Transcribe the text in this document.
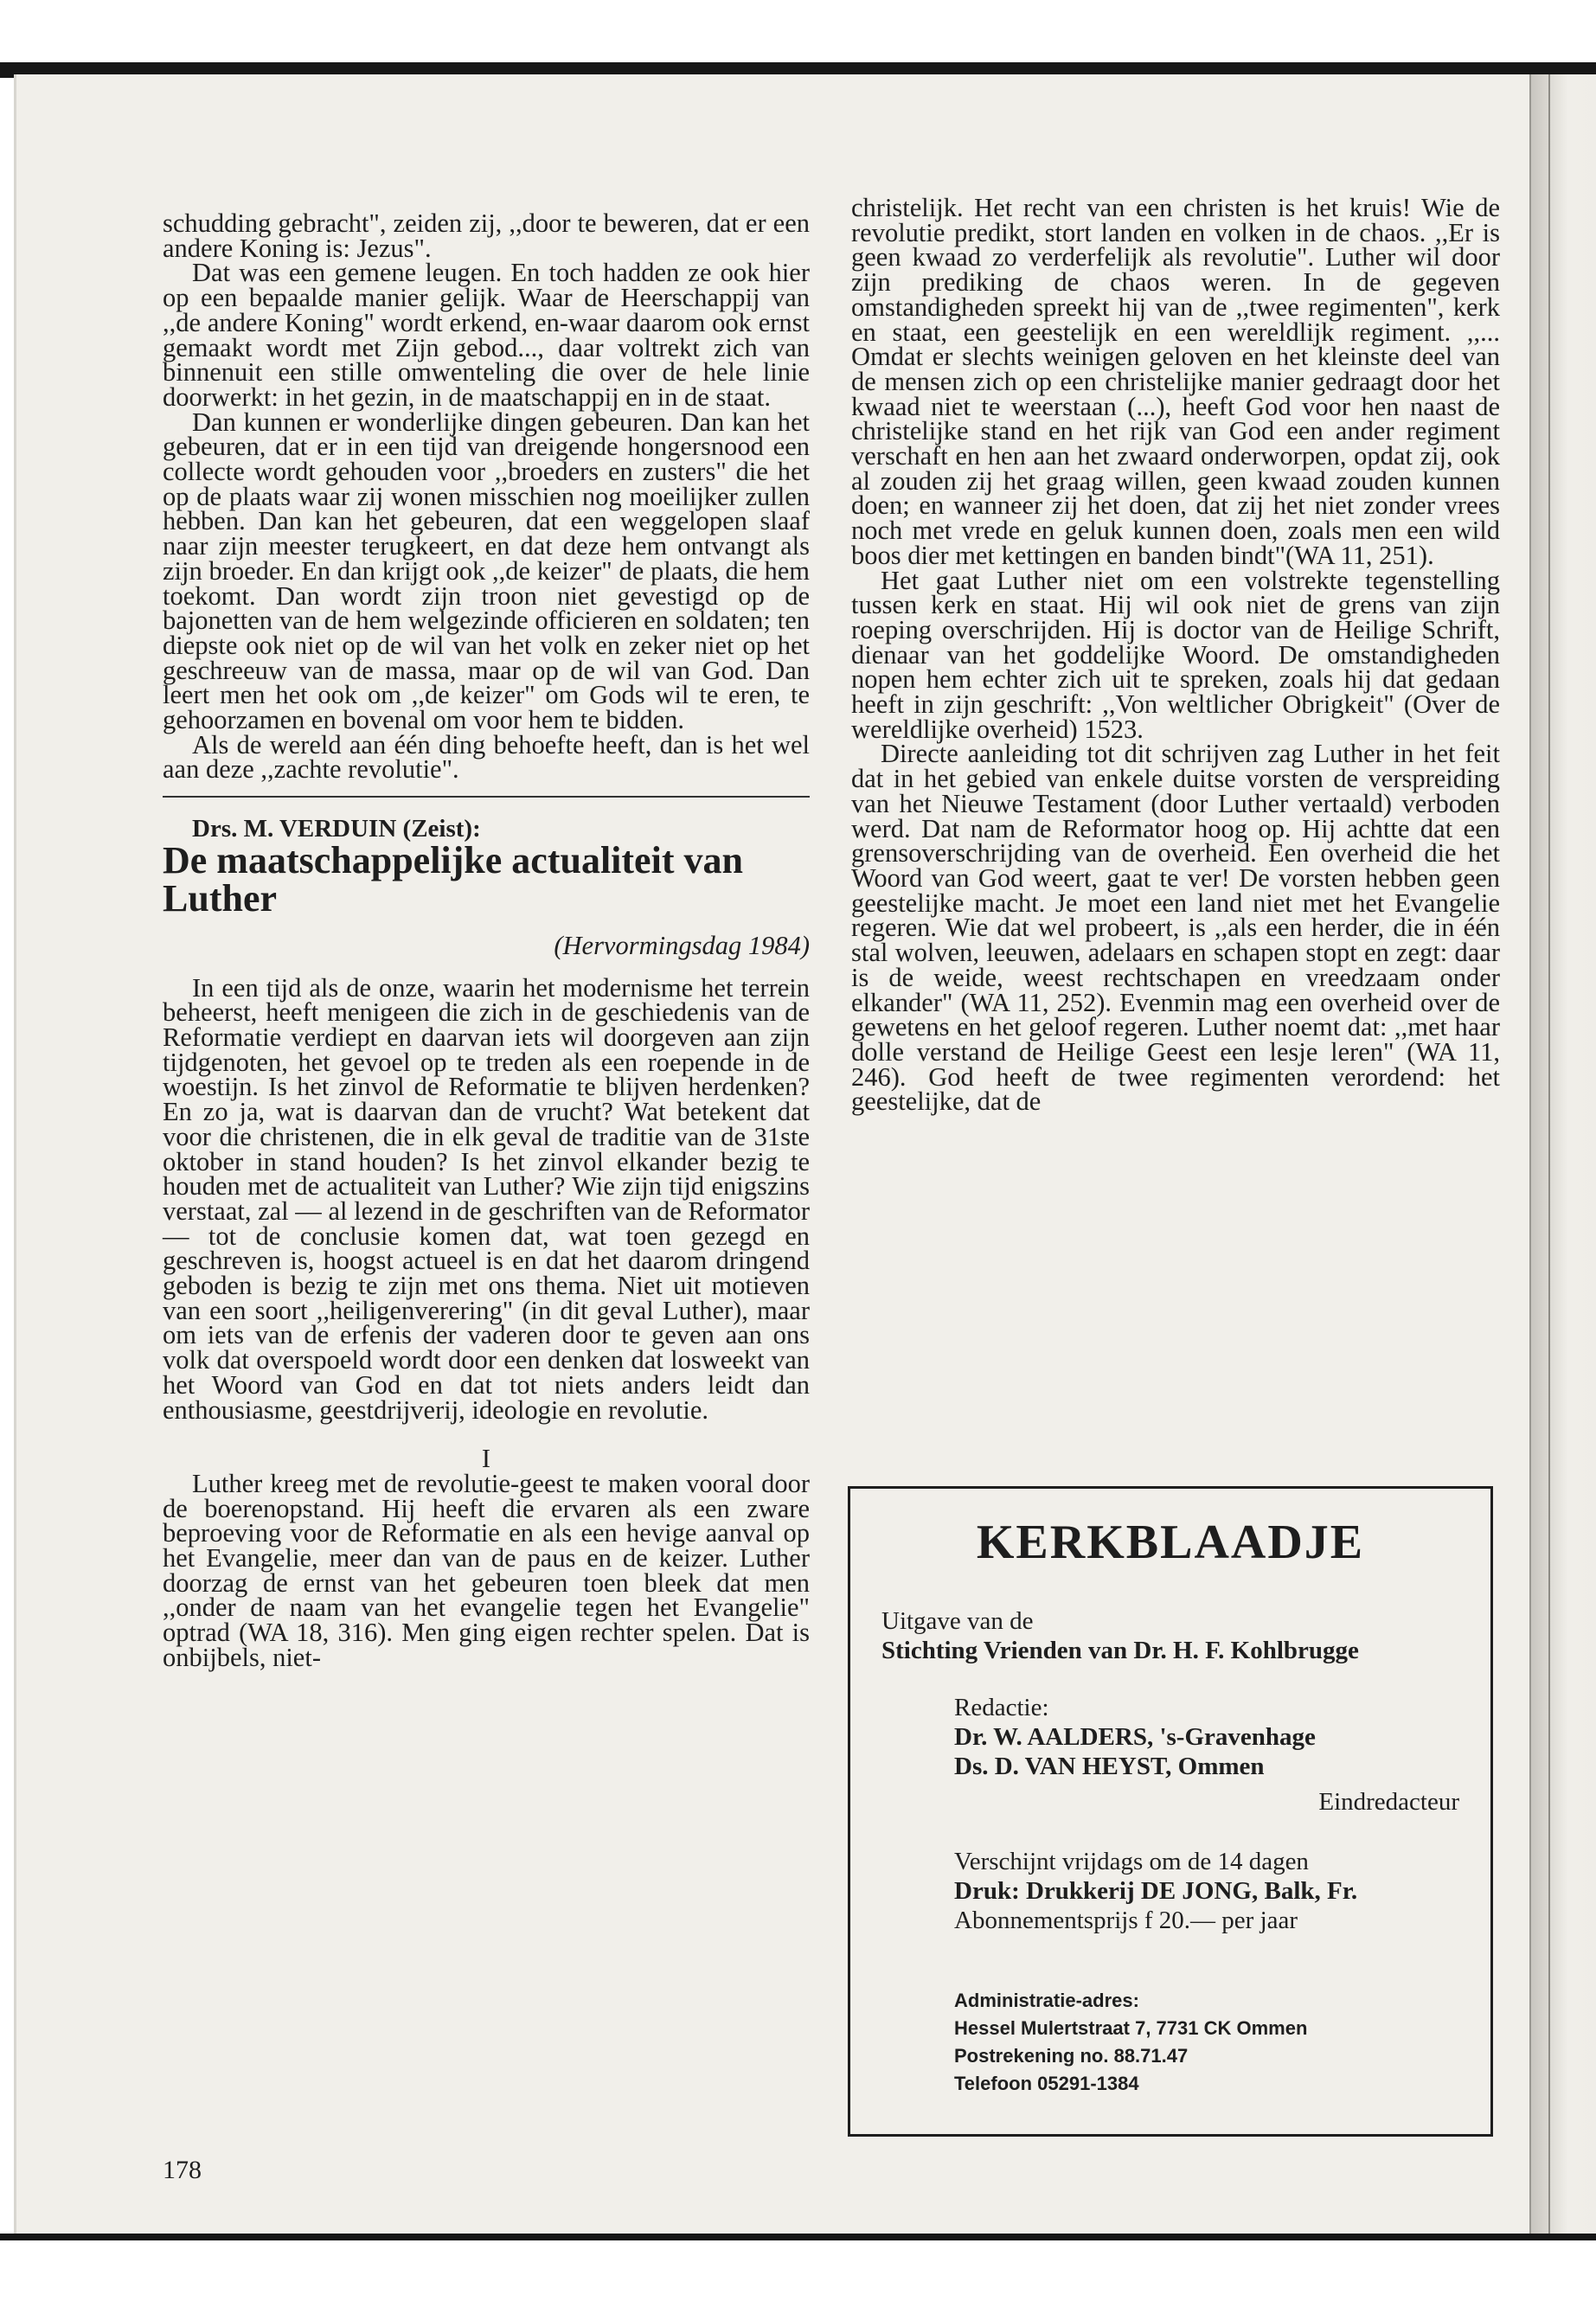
schudding gebracht", zeiden zij, ,,door te beweren, dat er een andere Koning is: Jezus".

Dat was een gemene leugen. En toch hadden ze ook hier op een bepaalde manier gelijk. Waar de Heerschappij van ,,de andere Koning" wordt erkend, en-waar daarom ook ernst gemaakt wordt met Zijn gebod..., daar voltrekt zich van binnenuit een stille omwenteling die over de hele linie doorwerkt: in het gezin, in de maatschappij en in de staat.

Dan kunnen er wonderlijke dingen gebeuren. Dan kan het gebeuren, dat er in een tijd van dreigende hongersnood een collecte wordt gehouden voor ,,broeders en zusters" die het op de plaats waar zij wonen misschien nog moeilijker zullen hebben. Dan kan het gebeuren, dat een weggelopen slaaf naar zijn meester terugkeert, en dat deze hem ontvangt als zijn broeder. En dan krijgt ook ,,de keizer" de plaats, die hem toekomt. Dan wordt zijn troon niet gevestigd op de bajonetten van de hem welgezinde officieren en soldaten; ten diepste ook niet op de wil van het volk en zeker niet op het geschreeuw van de massa, maar op de wil van God. Dan leert men het ook om ,,de keizer" om Gods wil te eren, te gehoorzamen en bovenal om voor hem te bidden.

Als de wereld aan één ding behoefte heeft, dan is het wel aan deze ,,zachte revolutie".

Drs. M. VERDUIN (Zeist):

De maatschappelijke actualiteit van Luther
(Hervormingsdag 1984)

In een tijd als de onze, waarin het modernisme het terrein beheerst, heeft menigeen die zich in de geschiedenis van de Reformatie verdiept en daarvan iets wil doorgeven aan zijn tijdgenoten, het gevoel op te treden als een roepende in de woestijn. Is het zinvol de Reformatie te blijven herdenken? En zo ja, wat is daarvan dan de vrucht? Wat betekent dat voor die christenen, die in elk geval de traditie van de 31ste oktober in stand houden? Is het zinvol elkander bezig te houden met de actualiteit van Luther? Wie zijn tijd enigszins verstaat, zal — al lezend in de geschriften van de Reformator — tot de conclusie komen dat, wat toen gezegd en geschreven is, hoogst actueel is en dat het daarom dringend geboden is bezig te zijn met ons thema. Niet uit motieven van een soort ,,heiligenverering" (in dit geval Luther), maar om iets van de erfenis der vaderen door te geven aan ons volk dat overspoeld wordt door een denken dat losweekt van het Woord van God en dat tot niets anders leidt dan enthousiasme, geestdrijverij, ideologie en revolutie.

I

Luther kreeg met de revolutie-geest te maken vooral door de boerenopstand. Hij heeft die ervaren als een zware beproeving voor de Reformatie en als een hevige aanval op het Evangelie, meer dan van de paus en de keizer. Luther doorzag de ernst van het gebeuren toen bleek dat men ,,onder de naam van het evangelie tegen het Evangelie" optrad (WA 18, 316). Men ging eigen rechter spelen. Dat is onbijbels, niet-

178

christelijk. Het recht van een christen is het kruis! Wie de revolutie predikt, stort landen en volken in de chaos. ,,Er is geen kwaad zo verderfelijk als revolutie". Luther wil door zijn prediking de chaos weren. In de gegeven omstandigheden spreekt hij van de ,,twee regimenten", kerk en staat, een geestelijk en een wereldlijk regiment. ,,... Omdat er slechts weinigen geloven en het kleinste deel van de mensen zich op een christelijke manier gedraagt door het kwaad niet te weerstaan (...), heeft God voor hen naast de christelijke stand en het rijk van God een ander regiment verschaft en hen aan het zwaard onderworpen, opdat zij, ook al zouden zij het graag willen, geen kwaad zouden kunnen doen; en wanneer zij het doen, dat zij het niet zonder vrees noch met vrede en geluk kunnen doen, zoals men een wild boos dier met kettingen en banden bindt"(WA 11, 251).

Het gaat Luther niet om een volstrekte tegenstelling tussen kerk en staat. Hij wil ook niet de grens van zijn roeping overschrijden. Hij is doctor van de Heilige Schrift, dienaar van het goddelijke Woord. De omstandigheden nopen hem echter zich uit te spreken, zoals hij dat gedaan heeft in zijn geschrift: ,,Von weltlicher Obrigkeit" (Over de wereldlijke overheid) 1523.

Directe aanleiding tot dit schrijven zag Luther in het feit dat in het gebied van enkele duitse vorsten de verspreiding van het Nieuwe Testament (door Luther vertaald) verboden werd. Dat nam de Reformator hoog op. Hij achtte dat een grensoverschrijding van de overheid. Een overheid die het Woord van God weert, gaat te ver! De vorsten hebben geen geestelijke macht. Je moet een land niet met het Evangelie regeren. Wie dat wel probeert, is ,,als een herder, die in één stal wolven, leeuwen, adelaars en schapen stopt en zegt: daar is de weide, weest rechtschapen en vreedzaam onder elkander" (WA 11, 252). Evenmin mag een overheid over de gewetens en het geloof regeren. Luther noemt dat: ,,met haar dolle verstand de Heilige Geest een lesje leren" (WA 11, 246). God heeft de twee regimenten verordend: het geestelijke, dat de

KERKBLAADJE
Uitgave van de
Stichting Vrienden van Dr. H. F. Kohlbrugge
Redactie:
Dr. W. AALDERS, 's-Gravenhage
Ds. D. VAN HEYST, Ommen
Eindredacteur
Verschijnt vrijdags om de 14 dagen
Druk: Drukkerij DE JONG, Balk, Fr.
Abonnementsprijs f 20.— per jaar
Administratie-adres:
Hessel Mulertstraat 7, 7731 CK Ommen
Postrekening no. 88.71.47
Telefoon 05291-1384
